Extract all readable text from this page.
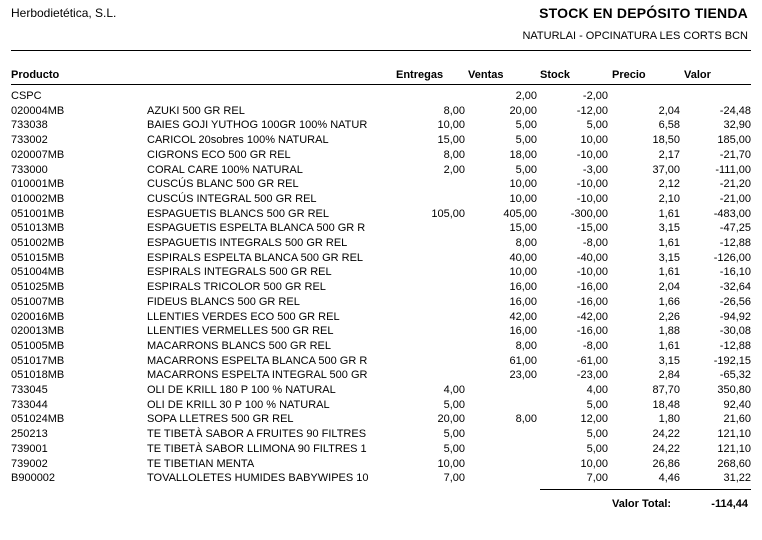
Herbodietética, S.L.	STOCK EN DEPÓSITO TIENDA
NATURLAI - OPCINATURA LES CORTS BCN
Producto	Entregas Ventas	Stock	Precio	Valor
CSPC			2,00	-2,00		
020004MB	AZUKI 500 GR REL	8,00	20,00	-12,00	2,04	-24,48
733038	BAIES GOJI YUTHOG 100GR 100% NATUR	10,00	5,00	5,00	6,58	32,90
733002	CARICOL 20sobres 100% NATURAL	15,00	5,00	10,00	18,50	185,00
020007MB	CIGRONS ECO 500 GR REL	8,00	18,00	-10,00	2,17	-21,70
733000	CORAL CARE 100% NATURAL	2,00	5,00	-3,00	37,00	-111,00
010001MB	CUSCÚS BLANC 500 GR REL		10,00	-10,00	2,12	-21,20
010002MB	CUSCÚS INTEGRAL 500 GR REL		10,00	-10,00	2,10	-21,00
051001MB	ESPAGUETIS BLANCS 500 GR REL	105,00	405,00	-300,00	1,61	-483,00
051013MB	ESPAGUETIS ESPELTA BLANCA 500 GR R		15,00	-15,00	3,15	-47,25
051002MB	ESPAGUETIS INTEGRALS 500 GR REL		8,00	-8,00	1,61	-12,88
051015MB	ESPIRALS ESPELTA BLANCA 500 GR REL		40,00	-40,00	3,15	-126,00
051004MB	ESPIRALS INTEGRALS 500 GR REL		10,00	-10,00	1,61	-16,10
051025MB	ESPIRALS TRICOLOR 500 GR REL		16,00	-16,00	2,04	-32,64
051007MB	FIDEUS BLANCS 500 GR REL		16,00	-16,00	1,66	-26,56
020016MB	LLENTIES VERDES ECO 500 GR REL		42,00	-42,00	2,26	-94,92
020013MB	LLENTIES VERMELLES 500 GR REL		16,00	-16,00	1,88	-30,08
051005MB	MACARRONS BLANCS 500 GR REL		8,00	-8,00	1,61	-12,88
051017MB	MACARRONS ESPELTA BLANCA 500 GR R		61,00	-61,00	3,15	-192,15
051018MB	MACARRONS ESPELTA INTEGRAL 500 GR		23,00	-23,00	2,84	-65,32
733045	OLI DE KRILL 180 P 100 % NATURAL	4,00		4,00	87,70	350,80
733044	OLI DE KRILL 30 P 100 % NATURAL	5,00		5,00	18,48	92,40
051024MB	SOPA LLETRES 500 GR REL	20,00	8,00	12,00	1,80	21,60
250213	TE TIBETÀ SABOR A FRUITES 90 FILTRES	5,00		5,00	24,22	121,10
739001	TE TIBETÀ SABOR LLIMONA 90 FILTRES 1	5,00		5,00	24,22	121,10
739002	TE TIBETIAN MENTA	10,00		10,00	26,86	268,60
B900002	TOVALLOLETES HUMIDES BABYWIPES 10	7,00		7,00	4,46	31,22
Valor Total:	-114,44
